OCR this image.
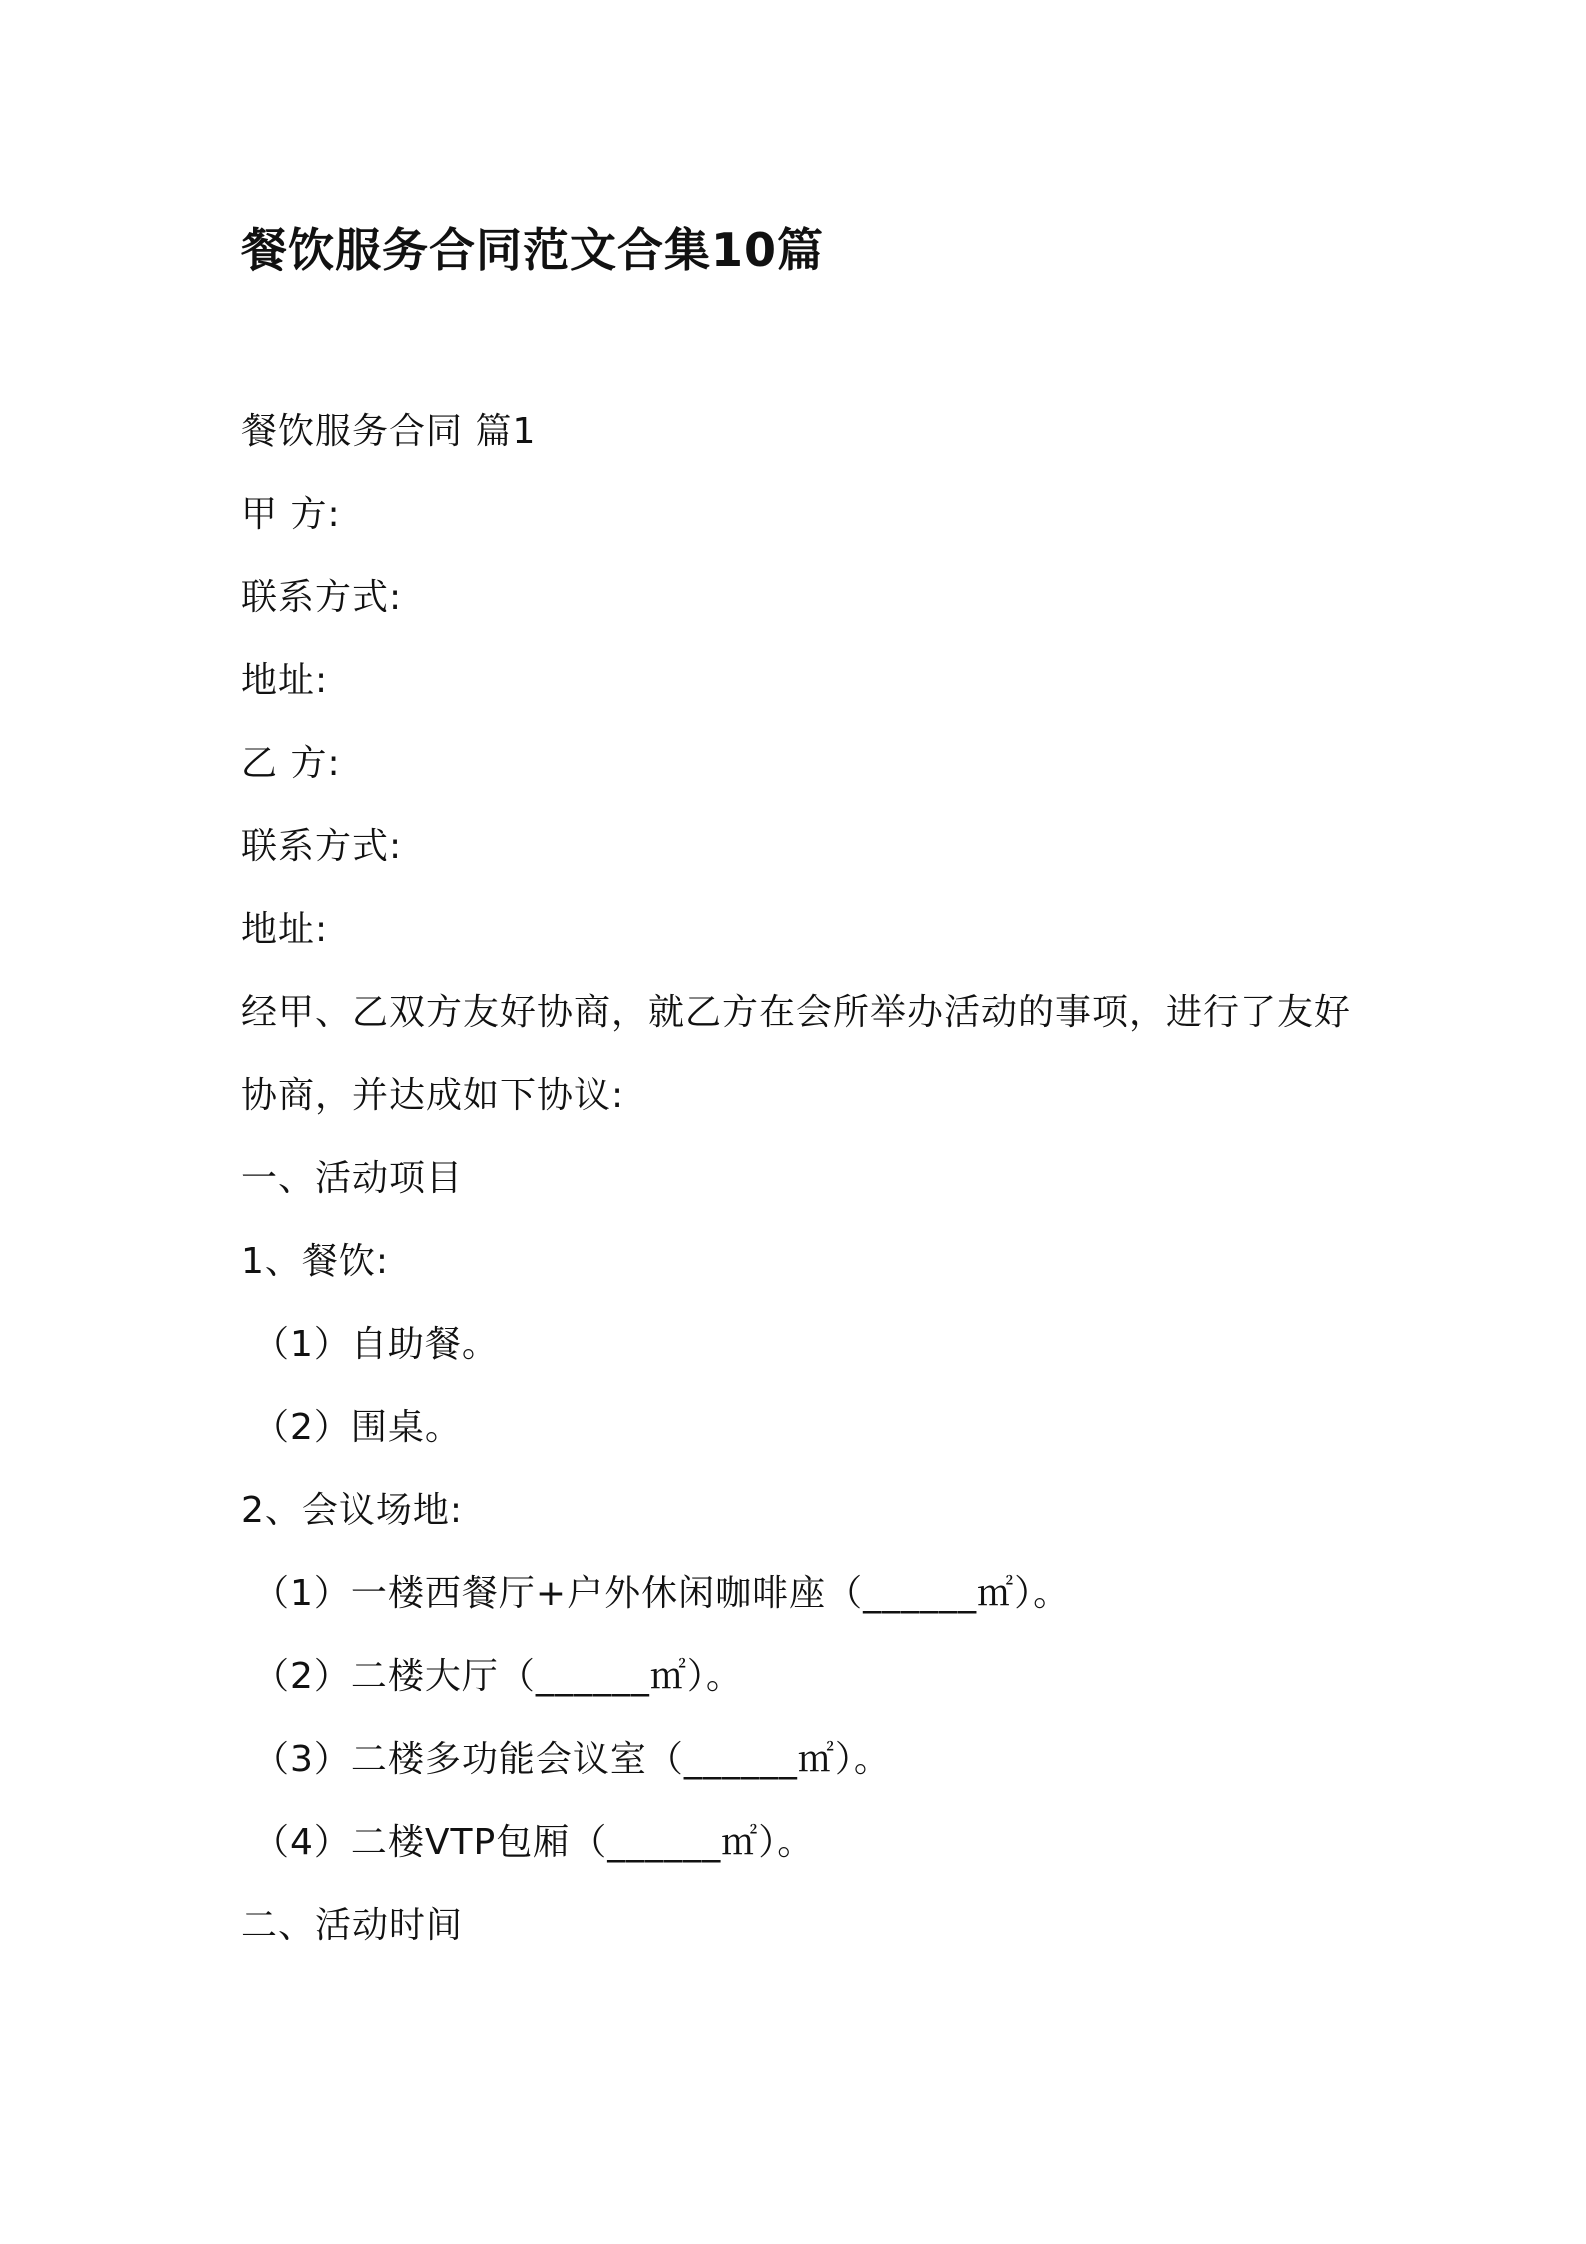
餐饮服务合同范文合集10篇
餐饮服务合同 篇1
甲 方:
联系方式:
地址:
乙 方:
联系方式:
地址:
经甲、乙双方友好协商，就乙方在会所举办活动的事项，进行了友好
协商，并达成如下协议:
一、活动项目
1、餐饮:
（1）自助餐。
（2）围桌。
2、会议场地:
（1）一楼西餐厅+户外休闲咖啡座（______㎡）。
（2）二楼大厅（______㎡）。
（3）二楼多功能会议室（______㎡）。
（4）二楼VTP包厢（______㎡）。
二、活动时间
